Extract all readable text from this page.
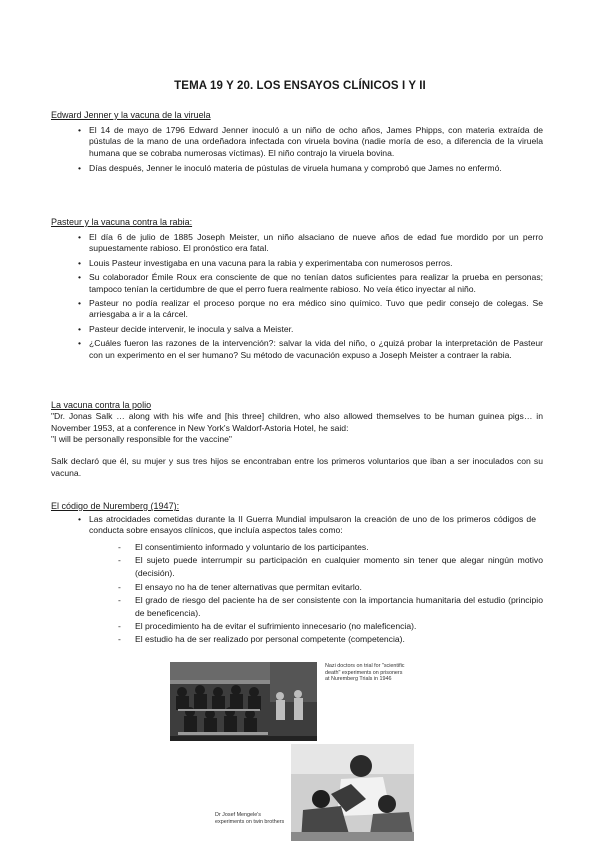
TEMA 19 Y 20. LOS ENSAYOS CLÍNICOS I Y II
Edward Jenner y la vacuna de la viruela
• El 14 de mayo de 1796 Edward Jenner inoculó a un niño de ocho años, James Phipps, con materia extraída de pústulas de la mano de una ordeñadora infectada con viruela bovina (nadie moría de eso, a diferencia de la viruela humana que se cobraba numerosas víctimas). El niño contrajo la viruela bovina.
• Días después, Jenner le inoculó materia de pústulas de viruela humana y comprobó que James no enfermó.
Pasteur y la vacuna contra la rabia:
• El día 6 de julio de 1885 Joseph Meister, un niño alsaciano de nueve años de edad fue mordido por un perro supuestamente rabioso. El pronóstico era fatal.
• Louis Pasteur investigaba en una vacuna para la rabia y experimentaba con numerosos perros.
• Su colaborador Émile Roux era consciente de que no tenían datos suficientes para realizar la prueba en personas; tampoco tenían la certidumbre de que el perro fuera realmente rabioso. No veía ético inyectar al niño.
• Pasteur no podía realizar el proceso porque no era médico sino químico. Tuvo que pedir consejo de colegas. Se arriesgaba a ir a la cárcel.
• Pasteur decide intervenir, le inocula y salva a Meister.
• ¿Cuáles fueron las razones de la intervención?: salvar la vida del niño, o ¿quizá probar la interpretación de Pasteur con un experimento en el ser humano? Su método de vacunación expuso a Joseph Meister a contraer la rabia.
La vacuna contra la polio
"Dr. Jonas Salk … along with his wife and [his three] children, who also allowed themselves to be human guinea pigs… in November 1953, at a conference in New York's Waldorf-Astoria Hotel, he said:
"I will be personally responsible for the vaccine"
Salk declaró que él, su mujer y sus tres hijos se encontraban entre los primeros voluntarios que iban a ser inoculados con su vacuna.
El código de Nuremberg (1947):
• Las atrocidades cometidas durante la II Guerra Mundial impulsaron la creación de uno de los primeros códigos de conducta sobre ensayos clínicos, que incluía aspectos tales como:
- El consentimiento informado y voluntario de los participantes.
- El sujeto puede interrumpir su participación en cualquier momento sin tener que alegar ningún motivo (decisión).
- El ensayo no ha de tener alternativas que permitan evitarlo.
- El grado de riesgo del paciente ha de ser consistente con la importancia humanitaria del estudio (principio de beneficencia).
- El procedimiento ha de evitar el sufrimiento innecesario (no maleficencia).
- El estudio ha de ser realizado por personal competente (competencia).
Nazi doctors on trial for "scientific death" experiments on prisoners at Nuremberg Trials in 1946
Dr Josef Mengele's experiments on twin brothers
